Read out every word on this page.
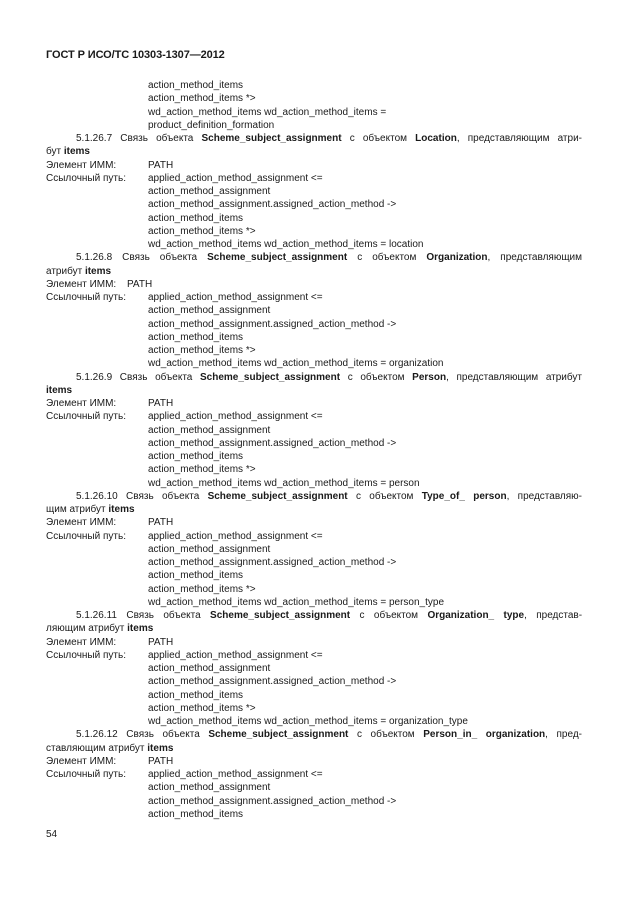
ГОСТ Р ИСО/ТС 10303-1307—2012
action_method_items
action_method_items *>
wd_action_method_items wd_action_method_items =
product_definition_formation
5.1.26.7 Связь объекта Scheme_subject_assignment с объектом Location, представляющим атри-
бут items
Элемент ИММ:	PATH
Ссылочный путь: applied_action_method_assignment <=
action_method_assignment
action_method_assignment.assigned_action_method ->
action_method_items
action_method_items *>
wd_action_method_items wd_action_method_items = location
5.1.26.8 Связь объекта Scheme_subject_assignment с объектом Organization, представляющим
атрибут items
Элемент ИММ: PATH
Ссылочный путь: applied_action_method_assignment <=
action_method_assignment
action_method_assignment.assigned_action_method ->
action_method_items
action_method_items *>
wd_action_method_items wd_action_method_items = organization
5.1.26.9 Связь объекта Scheme_subject_assignment с объектом Person, представляющим атрибут
items
Элемент ИММ:	PATH
Ссылочный путь: applied_action_method_assignment <=
action_method_assignment
action_method_assignment.assigned_action_method ->
action_method_items
action_method_items *>
wd_action_method_items wd_action_method_items = person
5.1.26.10 Связь объекта Scheme_subject_assignment с объектом Type_of_ person, представляю-
щим атрибут items
Элемент ИММ:	PATH
Ссылочный путь: applied_action_method_assignment <=
action_method_assignment
action_method_assignment.assigned_action_method ->
action_method_items
action_method_items *>
wd_action_method_items wd_action_method_items = person_type
5.1.26.11 Связь объекта Scheme_subject_assignment с объектом Organization_ type, представ-
ляющим атрибут items
Элемент ИММ:	PATH
Ссылочный путь: applied_action_method_assignment <=
action_method_assignment
action_method_assignment.assigned_action_method ->
action_method_items
action_method_items *>
wd_action_method_items wd_action_method_items = organization_type
5.1.26.12 Связь объекта Scheme_subject_assignment с объектом Person_in_ organization, пред-
ставляющим атрибут items
Элемент ИММ:	PATH
Ссылочный путь: applied_action_method_assignment <=
action_method_assignment
action_method_assignment.assigned_action_method ->
action_method_items
54
